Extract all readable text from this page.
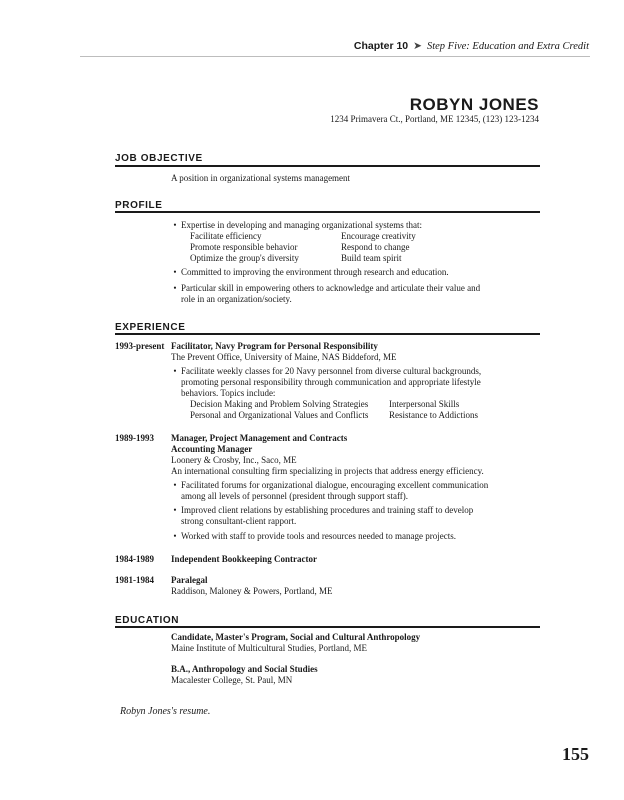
Chapter 10 ➤ Step Five: Education and Extra Credit
ROBYN JONES
1234 Primavera Ct., Portland, ME 12345, (123) 123-1234
JOB OBJECTIVE
A position in organizational systems management
PROFILE
• Expertise in developing and managing organizational systems that:
Facilitate efficiency
Promote responsible behavior
Optimize the group's diversity
Encourage creativity
Respond to change
Build team spirit
• Committed to improving the environment through research and education.
• Particular skill in empowering others to acknowledge and articulate their value and
role in an organization/society.
EXPERIENCE
1993-present Facilitator, Navy Program for Personal Responsibility
The Prevent Office, University of Maine, NAS Biddeford, ME
• Facilitate weekly classes for 20 Navy personnel from diverse cultural backgrounds,
promoting personal responsibility through communication and appropriate lifestyle
behaviors. Topics include:
Decision Making and Problem Solving Strategies
Personal and Organizational Values and Conflicts
Interpersonal Skills
Resistance to Addictions
1989-1993 Manager, Project Management and Contracts
Accounting Manager
Loonery & Crosby, Inc., Saco, ME
An international consulting firm specializing in projects that address energy efficiency.
• Facilitated forums for organizational dialogue, encouraging excellent communication
among all levels of personnel (president through support staff).
• Improved client relations by establishing procedures and training staff to develop
strong consultant-client rapport.
• Worked with staff to provide tools and resources needed to manage projects.
1984-1989 Independent Bookkeeping Contractor
1981-1984 Paralegal
Raddison, Maloney & Powers, Portland, ME
EDUCATION
Candidate, Master's Program, Social and Cultural Anthropology
Maine Institute of Multicultural Studies, Portland, ME
B.A., Anthropology and Social Studies
Macalester College, St. Paul, MN
Robyn Jones's resume.
155
